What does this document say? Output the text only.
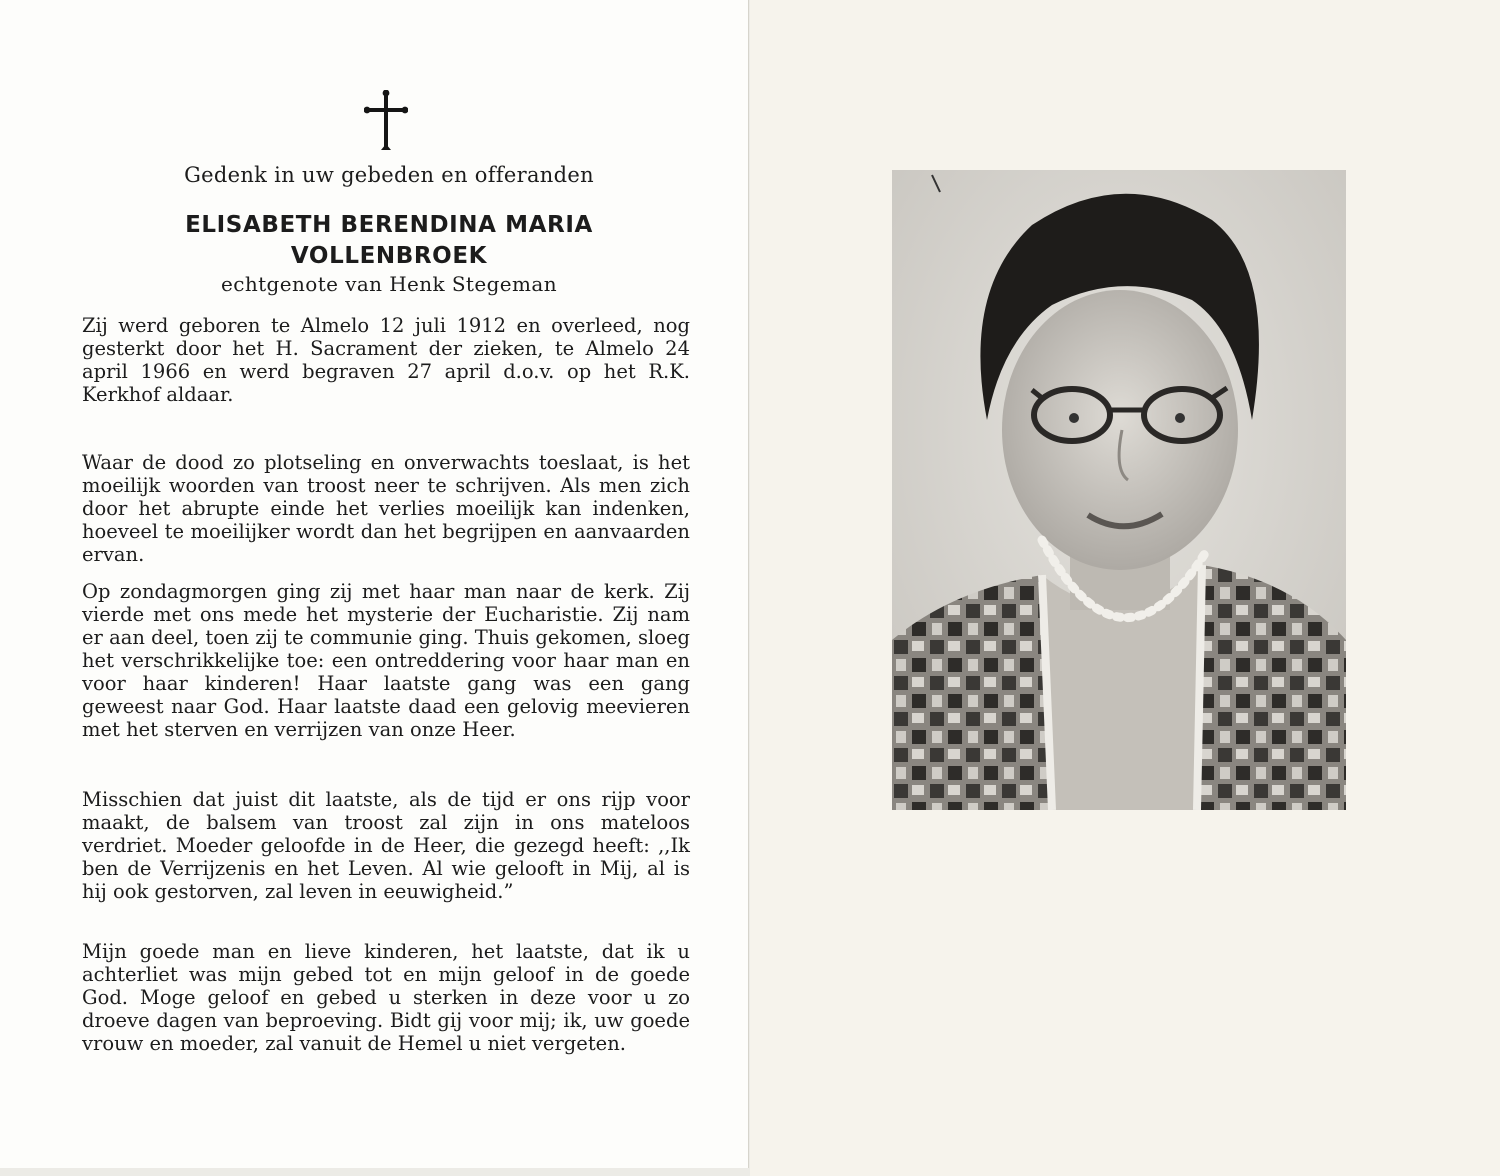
Gedenk in uw gebeden en offeranden
ELISABETH BERENDINA MARIA
VOLLENBROEK
echtgenote van Henk Stegeman
Zij werd geboren te Almelo 12 juli 1912 en overleed, nog gesterkt door het H. Sacrament der zieken, te Almelo 24 april 1966 en werd begraven 27 april d.o.v. op het R.K. Kerkhof aldaar.
Waar de dood zo plotseling en onverwachts toeslaat, is het moeilijk woorden van troost neer te schrijven. Als men zich door het abrupte einde het verlies moeilijk kan indenken, hoeveel te moeilijker wordt dan het begrijpen en aanvaarden ervan.
Op zondagmorgen ging zij met haar man naar de kerk. Zij vierde met ons mede het mysterie der Eucharistie. Zij nam er aan deel, toen zij te communie ging. Thuis gekomen, sloeg het verschrikkelijke toe: een ontreddering voor haar man en voor haar kinderen! Haar laatste gang was een gang geweest naar God. Haar laatste daad een gelovig meevieren met het sterven en verrijzen van onze Heer.
Misschien dat juist dit laatste, als de tijd er ons rijp voor maakt, de balsem van troost zal zijn in ons mateloos verdriet. Moeder geloofde in de Heer, die gezegd heeft: ,,Ik ben de Verrijzenis en het Leven. Al wie gelooft in Mij, al is hij ook gestorven, zal leven in eeuwigheid.”
Mijn goede man en lieve kinderen, het laatste, dat ik u achterliet was mijn gebed tot en mijn geloof in de goede God. Moge geloof en gebed u sterken in deze voor u zo droeve dagen van beproeving. Bidt gij voor mij; ik, uw goede vrouw en moeder, zal vanuit de Hemel u niet vergeten.
